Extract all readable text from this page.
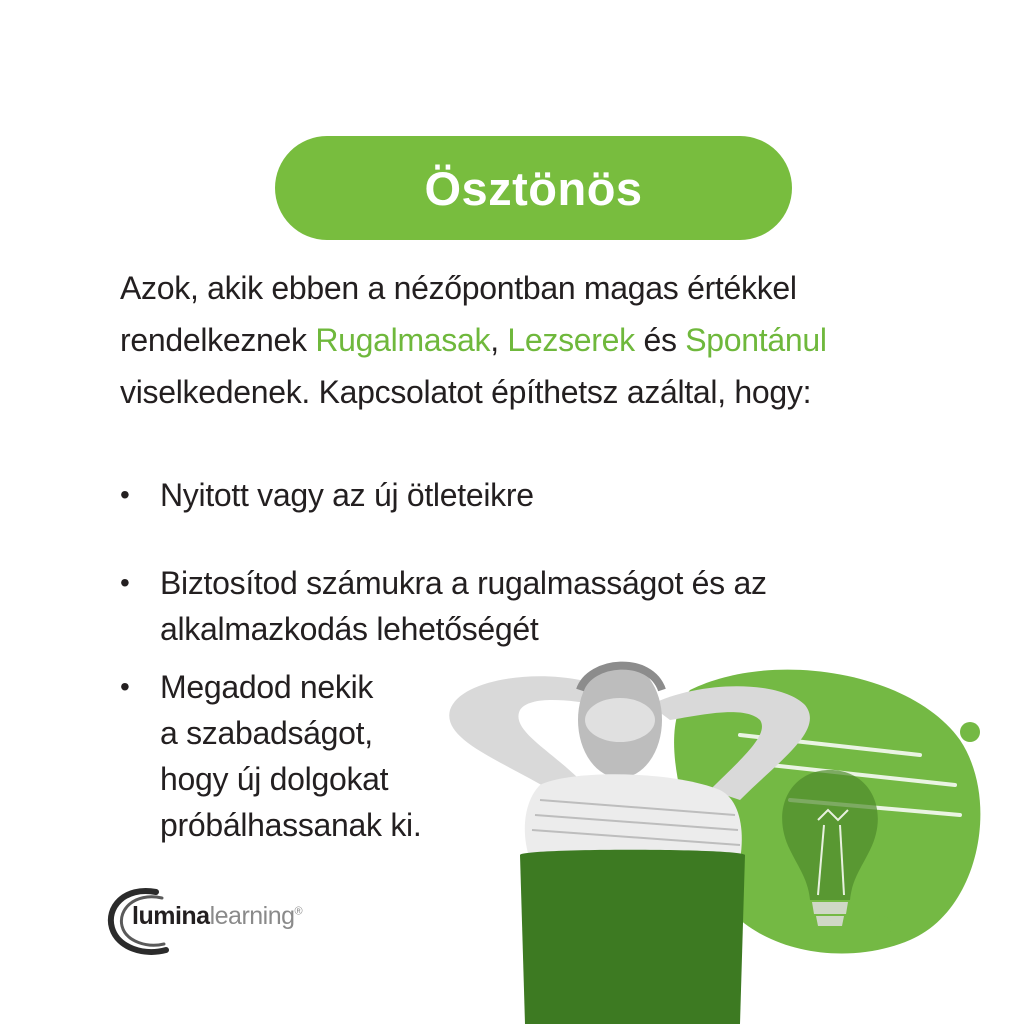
Ösztönös
Azok, akik ebben a nézőpontban magas értékkel rendelkeznek Rugalmasak, Lezserek és Spontánul viselkedenek. Kapcsolatot építhetsz azáltal, hogy:
• Nyitott vagy az új ötleteikre

• Biztosítod számukra a rugalmasságot és az

alkalmazkodás lehetőségét

• Megadod nekik

a szabadságot,

hogy új dolgokat

próbálhassanak ki.

luminalearning®
